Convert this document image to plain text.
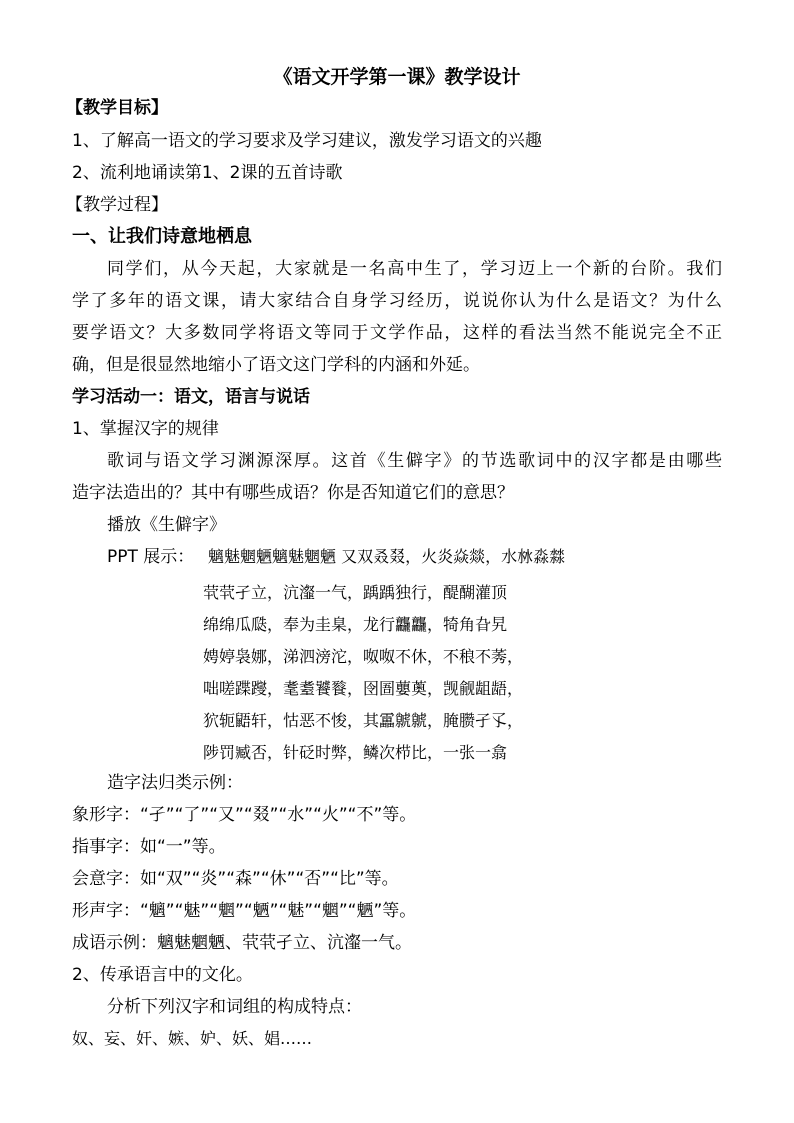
《语文开学第一课》教学设计
【教学目标】
1、了解高一语文的学习要求及学习建议，激发学习语文的兴趣
2、流利地诵读第1、2课的五首诗歌
【教学过程】
一、让我们诗意地栖息
同学们，从今天起，大家就是一名高中生了，学习迈上一个新的台阶。我们
学了多年的语文课，请大家结合自身学习经历，说说你认为什么是语文？为什么
要学语文？大多数同学将语文等同于文学作品，这样的看法当然不能说完全不正
确，但是很显然地缩小了语文这门学科的内涵和外延。
学习活动一：语文，语言与说话
1、掌握汉字的规律
歌词与语文学习渊源深厚。这首《生僻字》的节选歌词中的汉字都是由哪些
造字法造出的？其中有哪些成语？你是否知道它们的意思？
播放《生僻字》
PPT 展示： 魑魅魍魉魑魅魍魉 又双叒叕，火炎焱燚，水沝淼㵘
茕茕孑立，沆瀣一气，踽踽独行，醍醐灌顶
绵绵瓜瓞，奉为圭臬，龙行龘龘，犄角旮旯
娉婷袅娜，涕泗滂沱，呶呶不休，不稂不莠，
咄嗟蹀躞，耄耋饕餮，囹圄蘡薁，觊觎龃龉，
狖轭鼯轩，怙恶不悛，其靁虩虩，腌臜孑孓，
陟罚臧否，针砭时弊，鳞次栉比，一张一翕
造字法归类示例：
象形字：“孑”“了”“又”“叕”“水”“火”“不”等。
指事字：如“一”等。
会意字：如“双”“炎”“森”“休”“否”“比”等。
形声字：“魑”“魅”“魍”“魉”“魅”“魍”“魉”等。
成语示例：魑魅魍魉、茕茕孑立、沆瀣一气。
2、传承语言中的文化。
分析下列汉字和词组的构成特点：
奴、妄、奸、嫉、妒、妖、娼……
